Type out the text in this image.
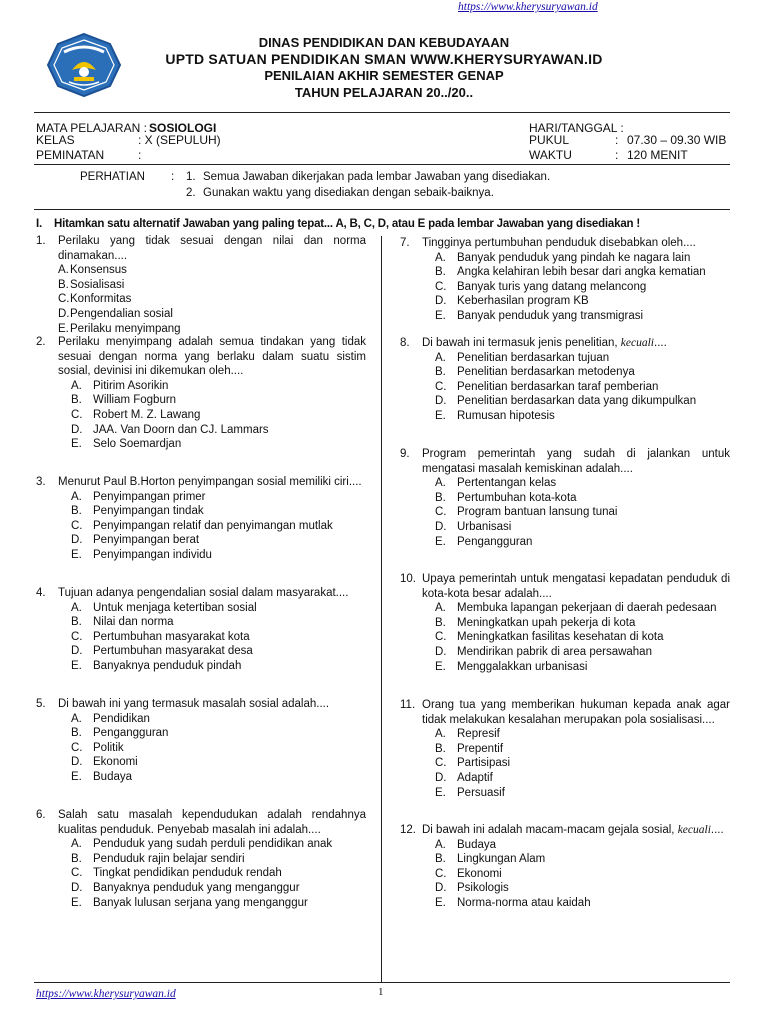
https://www.kherysuryawan.id
DINAS PENDIDIKAN DAN KEBUDAYAAN
UPTD SATUAN PENDIDIKAN SMAN WWW.KHERYSURYAWAN.ID
PENILAIAN AKHIR SEMESTER GENAP
TAHUN PELAJARAN 20../20..
MATA PELAJARAN : SOSIOLOGI
KELAS	: X (SEPULUH)
PEMINATAN	:
HARI/TANGGAL :
PUKUL	: 07.30 – 09.30 WIB
WAKTU	: 120 MENIT
PERHATIAN : 1. Semua Jawaban dikerjakan pada lembar Jawaban yang disediakan.
2. Gunakan waktu yang disediakan dengan sebaik-baiknya.
I. Hitamkan satu alternatif Jawaban yang paling tepat... A, B, C, D, atau E pada lembar Jawaban yang disediakan !
1. Perilaku yang tidak sesuai dengan nilai dan norma dinamakan....
A.Konsensus
B.Sosialisasi
C.Konformitas
D.Pengendalian sosial
E.Perilaku menyimpang
2. Perilaku menyimpang adalah semua tindakan yang tidak sesuai dengan norma yang berlaku dalam suatu sistim sosial, devinisi ini dikemukan oleh....
A. Pitirim Asorikin
B. William Fogburn
C. Robert M. Z. Lawang
D. JAA. Van Doorn dan CJ. Lammars
E. Selo Soemardjan
3. Menurut Paul B.Horton penyimpangan sosial memiliki ciri....
A. Penyimpangan primer
B. Penyimpangan tindak
C. Penyimpangan relatif dan penyimangan mutlak
D. Penyimpangan berat
E. Penyimpangan individu
4. Tujuan adanya pengendalian sosial dalam masyarakat....
A. Untuk menjaga ketertiban sosial
B. Nilai dan norma
C. Pertumbuhan masyarakat kota
D. Pertumbuhan masyarakat desa
E. Banyaknya penduduk pindah
5. Di bawah ini yang termasuk masalah sosial adalah....
A. Pendidikan
B. Pengangguran
C. Politik
D. Ekonomi
E. Budaya
6. Salah satu masalah kependudukan adalah rendahnya kualitas penduduk. Penyebab masalah ini adalah....
A. Penduduk yang sudah perduli pendidikan anak
B. Penduduk rajin belajar sendiri
C. Tingkat pendidikan penduduk rendah
D. Banyaknya penduduk yang menganggur
E. Banyak lulusan serjana yang menganggur
7. Tingginya pertumbuhan penduduk disebabkan oleh....
A. Banyak penduduk yang pindah ke nagara lain
B. Angka kelahiran lebih besar dari angka kematian
C. Banyak turis yang datang melancong
D. Keberhasilan program KB
E. Banyak penduduk yang transmigrasi
8. Di bawah ini termasuk jenis penelitian, kecuali....
A. Penelitian berdasarkan tujuan
B. Penelitian berdasarkan metodenya
C. Penelitian berdasarkan taraf pemberian
D. Penelitian berdasarkan data yang dikumpulkan
E. Rumusan hipotesis
9. Program pemerintah yang sudah di jalankan untuk mengatasi masalah kemiskinan adalah....
A. Pertentangan kelas
B. Pertumbuhan kota-kota
C. Program bantuan lansung tunai
D. Urbanisasi
E. Pengangguran
10. Upaya pemerintah untuk mengatasi kepadatan penduduk di kota-kota besar adalah....
A. Membuka lapangan pekerjaan di daerah pedesaan
B. Meningkatkan upah pekerja di kota
C. Meningkatkan fasilitas kesehatan di kota
D. Mendirikan pabrik di area persawahan
E. Menggalakkan urbanisasi
11. Orang tua yang memberikan hukuman kepada anak agar tidak melakukan kesalahan merupakan pola sosialisasi....
A. Represif
B. Prepentif
C. Partisipasi
D. Adaptif
E. Persuasif
12. Di bawah ini adalah macam-macam gejala sosial, kecuali....
A. Budaya
B. Lingkungan Alam
C. Ekonomi
D. Psikologis
E. Norma-norma atau kaidah
https://www.kherysuryawan.id	1
